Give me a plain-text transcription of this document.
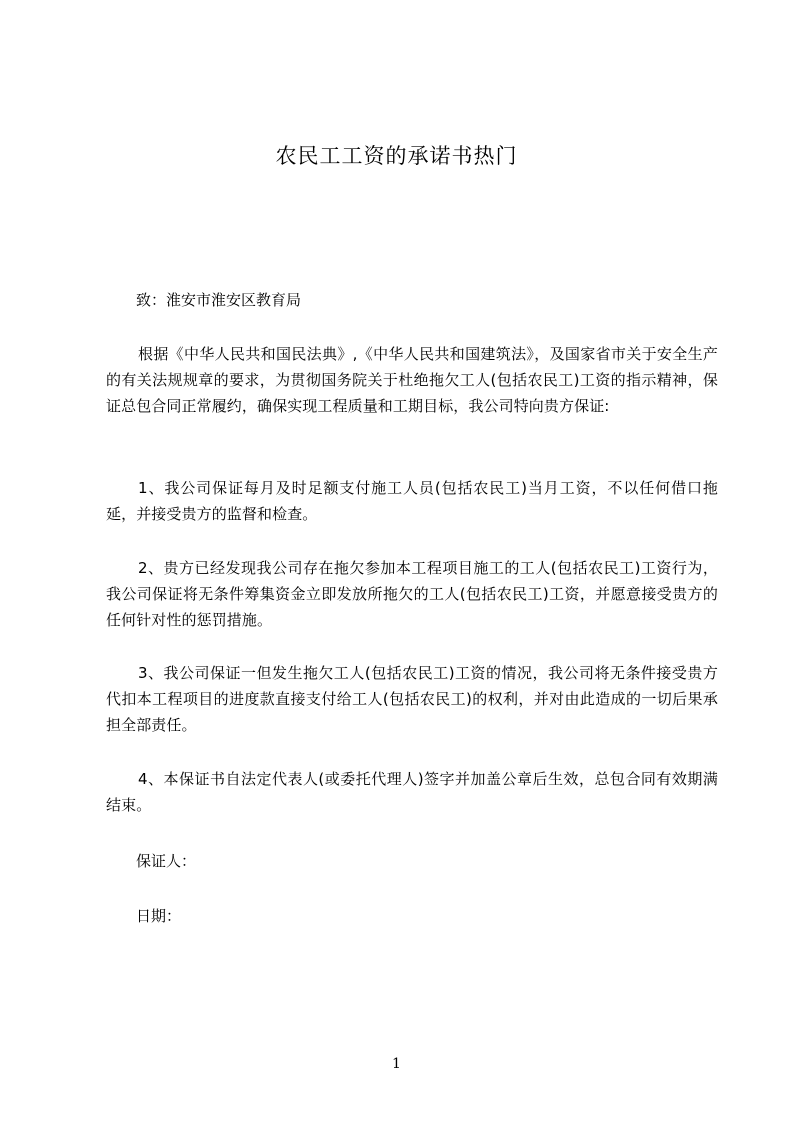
农民工工资的承诺书热门
致：淮安市淮安区教育局

根据《中华人民共和国民法典》,《中华人民共和国建筑法》，及国家省市关于安全生产的有关法规规章的要求，为贯彻国务院关于杜绝拖欠工人(包括农民工)工资的指示精神，保证总包合同正常履约，确保实现工程质量和工期目标，我公司特向贵方保证:

1、我公司保证每月及时足额支付施工人员(包括农民工)当月工资，不以任何借口拖延，并接受贵方的监督和检查。

2、贵方已经发现我公司存在拖欠参加本工程项目施工的工人(包括农民工)工资行为，我公司保证将无条件筹集资金立即发放所拖欠的工人(包括农民工)工资，并愿意接受贵方的任何针对性的惩罚措施。

3、我公司保证一但发生拖欠工人(包括农民工)工资的情况，我公司将无条件接受贵方代扣本工程项目的进度款直接支付给工人(包括农民工)的权利，并对由此造成的一切后果承担全部责任。

4、本保证书自法定代表人(或委托代理人)签字并加盖公章后生效，总包合同有效期满结束。

保证人：
日期：
1
